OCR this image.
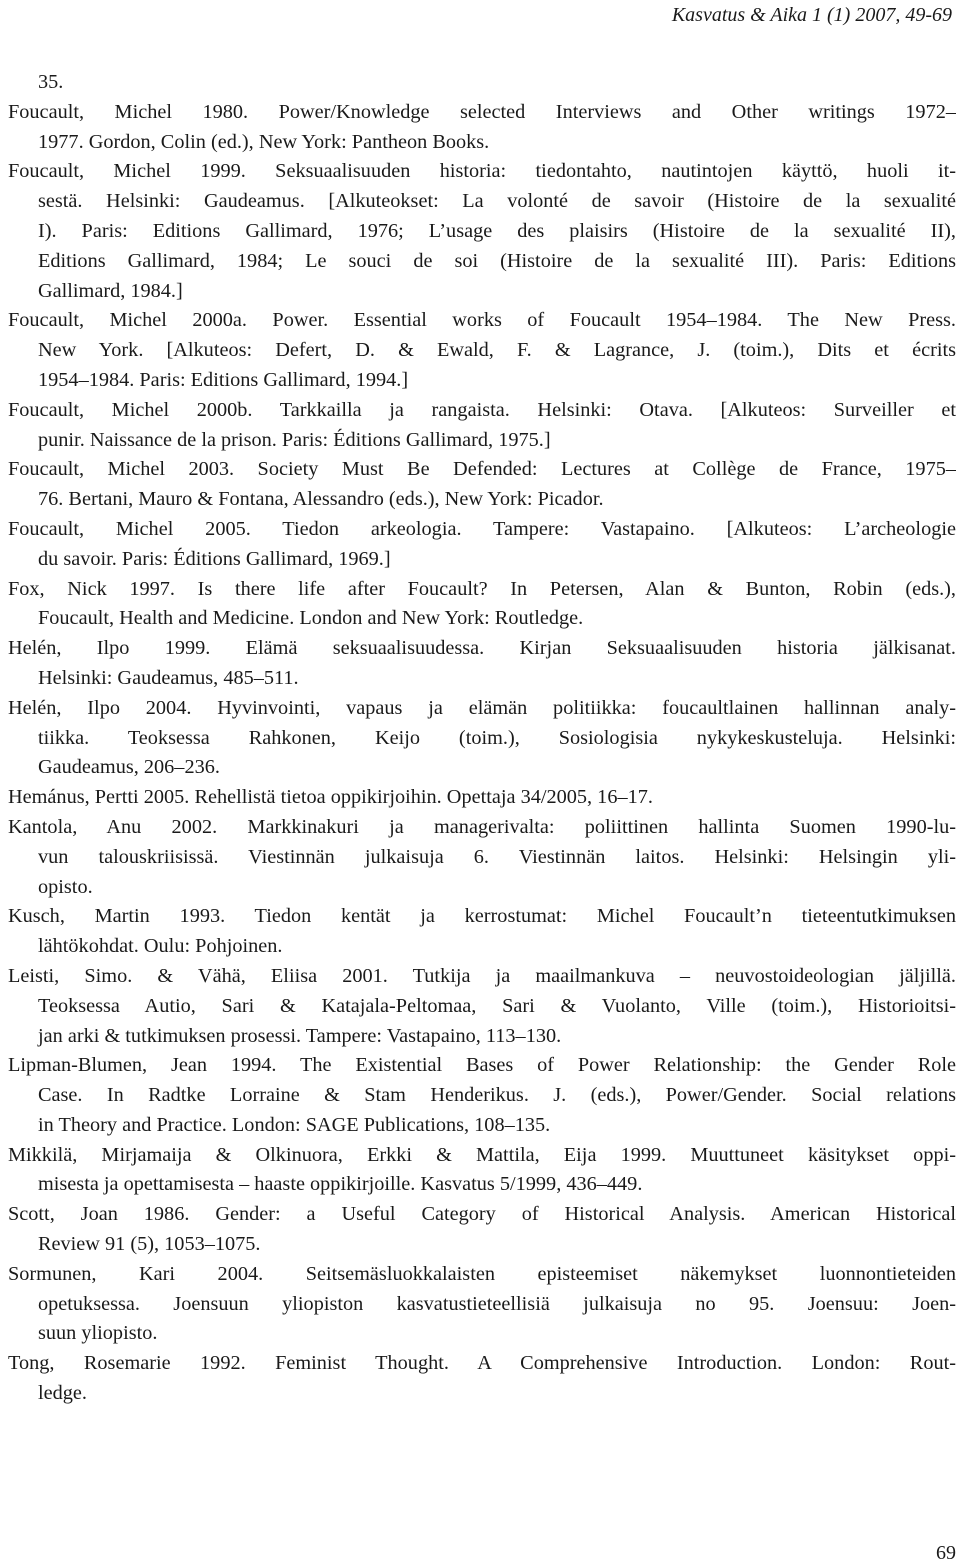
Kasvatus & Aika 1 (1) 2007, 49-69
35.
Foucault, Michel 1980. Power/Knowledge selected Interviews and Other writings 1972–
1977. Gordon, Colin (ed.), New York: Pantheon Books.
Foucault, Michel 1999. Seksuaalisuuden historia: tiedontahto, nautintojen käyttö, huoli it-
sestä. Helsinki: Gaudeamus. [Alkuteokset: La volonté de savoir (Histoire de la sexualité
I). Paris: Editions Gallimard, 1976; L’usage des plaisirs (Histoire de la sexualité II),
Editions Gallimard, 1984; Le souci de soi (Histoire de la sexualité III). Paris: Editions
Gallimard, 1984.]
Foucault, Michel 2000a. Power. Essential works of Foucault 1954–1984. The New Press.
New York. [Alkuteos: Defert, D. & Ewald, F. & Lagrance, J. (toim.), Dits et écrits
1954–1984. Paris: Editions Gallimard, 1994.]
Foucault, Michel 2000b. Tarkkailla ja rangaista. Helsinki: Otava. [Alkuteos: Surveiller et
punir. Naissance de la prison. Paris: Éditions Gallimard, 1975.]
Foucault, Michel 2003. Society Must Be Defended: Lectures at Collège de France, 1975–
76. Bertani, Mauro & Fontana, Alessandro (eds.), New York: Picador.
Foucault, Michel 2005. Tiedon arkeologia. Tampere: Vastapaino. [Alkuteos: L’archeologie
du savoir. Paris: Éditions Gallimard, 1969.]
Fox, Nick 1997. Is there life after Foucault? In Petersen, Alan & Bunton, Robin (eds.),
Foucault, Health and Medicine. London and New York: Routledge.
Helén, Ilpo 1999. Elämä seksuaalisuudessa. Kirjan Seksuaalisuuden historia jälkisanat.
Helsinki: Gaudeamus, 485–511.
Helén, Ilpo 2004. Hyvinvointi, vapaus ja elämän politiikka: foucaultlainen hallinnan analy-
tiikka. Teoksessa Rahkonen, Keijo (toim.), Sosiologisia nykykeskusteluja. Helsinki:
Gaudeamus, 206–236.
Hemánus, Pertti 2005. Rehellistä tietoa oppikirjoihin. Opettaja 34/2005, 16–17.
Kantola, Anu 2002. Markkinakuri ja managerivalta: poliittinen hallinta Suomen 1990-lu-
vun talouskriisissä. Viestinnän julkaisuja 6. Viestinnän laitos. Helsinki: Helsingin yli-
opisto.
Kusch, Martin 1993. Tiedon kentät ja kerrostumat: Michel Foucault’n tieteentutkimuksen
lähtökohdat. Oulu: Pohjoinen.
Leisti, Simo. & Vähä, Eliisa 2001. Tutkija ja maailmankuva – neuvostoideologian jäljillä.
Teoksessa Autio, Sari & Katajala-Peltomaa, Sari & Vuolanto, Ville (toim.), Historioitsi-
jan arki & tutkimuksen prosessi. Tampere: Vastapaino, 113–130.
Lipman-Blumen, Jean 1994. The Existential Bases of Power Relationship: the Gender Role
Case. In Radtke Lorraine & Stam Henderikus. J. (eds.), Power/Gender. Social relations
in Theory and Practice. London: SAGE Publications, 108–135.
Mikkilä, Mirjamaija & Olkinuora, Erkki & Mattila, Eija 1999. Muuttuneet käsitykset oppi-
misesta ja opettamisesta – haaste oppikirjoille. Kasvatus 5/1999, 436–449.
Scott, Joan 1986. Gender: a Useful Category of Historical Analysis. American Historical
Review 91 (5), 1053–1075.
Sormunen, Kari 2004. Seitsemäsluokkalaisten episteemiset näkemykset luonnontieteiden
opetuksessa. Joensuun yliopiston kasvatustieteellisiä julkaisuja no 95. Joensuu: Joen-
suun yliopisto.
Tong, Rosemarie 1992. Feminist Thought. A Comprehensive Introduction. London: Rout-
ledge.
69
